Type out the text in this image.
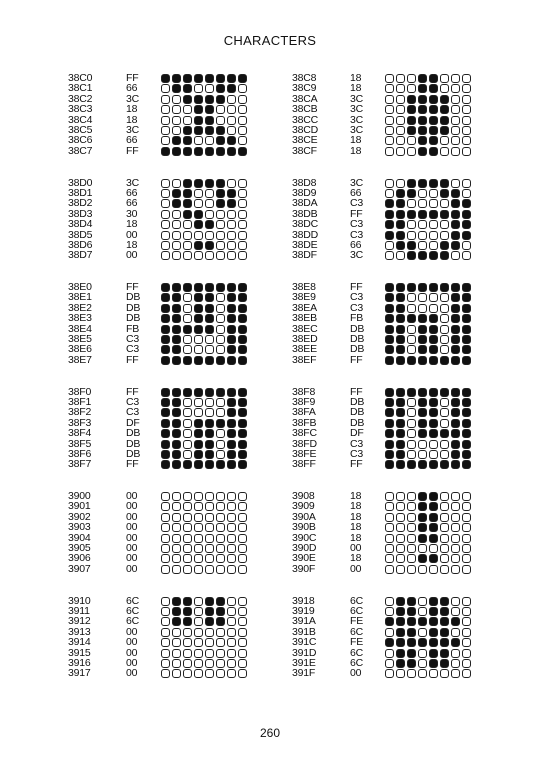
CHARACTERS
38C0	FF
38C1	66
38C2	3C
38C3	18
38C4	18
38C5	3C
38C6	66
38C7	FF
38C8	18
38C9	18
38CA	3C
38CB	3C
38CC	3C
38CD	3C
38CE	18
38CF	18
38D0	3C
38D1	66
38D2	66
38D3	30
38D4	18
38D5	00
38D6	18
38D7	00
38D8	3C
38D9	66
38DA	C3
38DB	FF
38DC	C3
38DD	C3
38DE	66
38DF	3C
38E0	FF
38E1	DB
38E2	DB
38E3	DB
38E4	FB
38E5	C3
38E6	C3
38E7	FF
38E8	FF
38E9	C3
38EA	C3
38EB	FB
38EC	DB
38ED	DB
38EE	DB
38EF	FF
38F0	FF
38F1	C3
38F2	C3
38F3	DF
38F4	DB
38F5	DB
38F6	DB
38F7	FF
38F8	FF
38F9	DB
38FA	DB
38FB	DB
38FC	DF
38FD	C3
38FE	C3
38FF	FF
3900	00
3901	00
3902	00
3903	00
3904	00
3905	00
3906	00
3907	00
3908	18
3909	18
390A	18
390B	18
390C	18
390D	00
390E	18
390F	00
3910	6C
3911	6C
3912	6C
3913	00
3914	00
3915	00
3916	00
3917	00
3918	6C
3919	6C
391A	FE
391B	6C
391C	FE
391D	6C
391E	6C
391F	00
260
